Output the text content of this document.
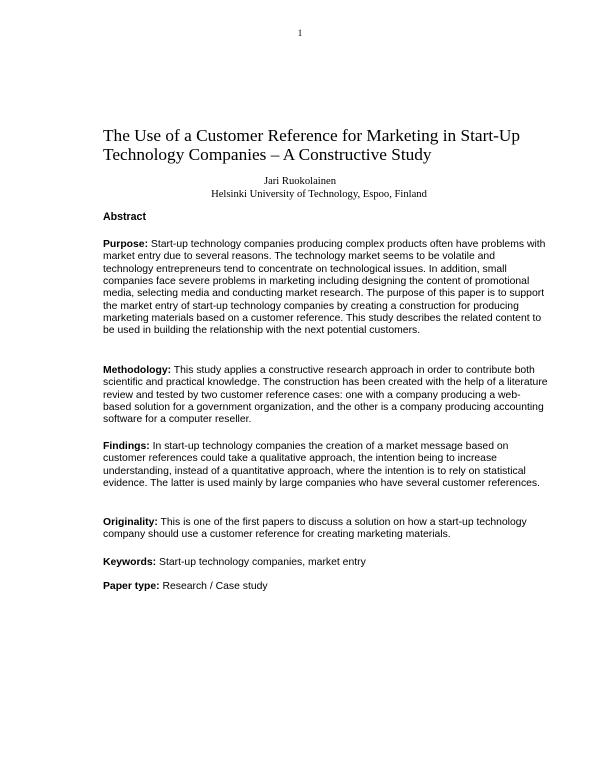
1
The Use of a Customer Reference for Marketing in Start-Up Technology Companies – A Constructive Study
Jari Ruokolainen
Helsinki University of Technology, Espoo, Finland
Abstract

Purpose: Start-up technology companies producing complex products often have problems with market entry due to several reasons. The technology market seems to be volatile and technology entrepreneurs tend to concentrate on technological issues. In addition, small companies face severe problems in marketing including designing the content of promotional media, selecting media and conducting market research. The purpose of this paper is to support the market entry of start-up technology companies by creating a construction for producing marketing materials based on a customer reference. This study describes the related content to be used in building the relationship with the next potential customers.

Methodology: This study applies a constructive research approach in order to contribute both scientific and practical knowledge. The construction has been created with the help of a literature review and tested by two customer reference cases: one with a company producing a web-based solution for a government organization, and the other is a company producing accounting software for a computer reseller.

Findings: In start-up technology companies the creation of a market message based on customer references could take a qualitative approach, the intention being to increase understanding, instead of a quantitative approach, where the intention is to rely on statistical evidence. The latter is used mainly by large companies who have several customer references.

Originality: This is one of the first papers to discuss a solution on how a start-up technology company should use a customer reference for creating marketing materials.

Keywords: Start-up technology companies, market entry

Paper type: Research / Case study
